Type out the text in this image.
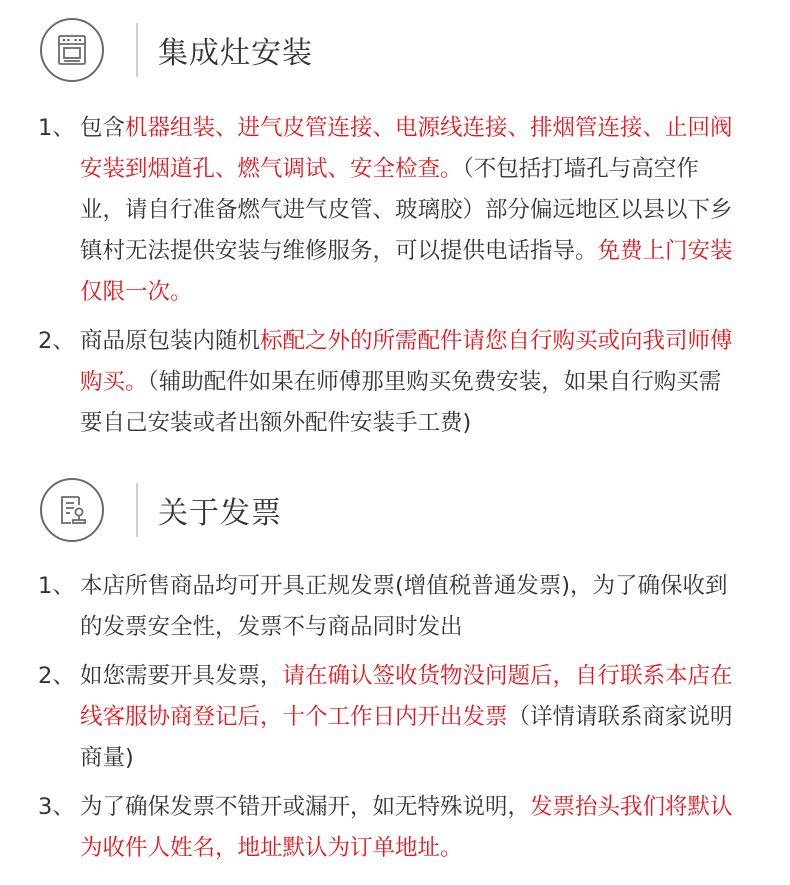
集成灶安装
1、 包含机器组装、进气皮管连接、电源线连接、排烟管连接、止回阀安装到烟道孔、燃气调试、安全检查。（不包括打墙孔与高空作业，请自行准备燃气进气皮管、玻璃胶）部分偏远地区以县以下乡镇村无法提供安装与维修服务，可以提供电话指导。免费上门安装仅限一次。
2、 商品原包装内随机标配之外的所需配件请您自行购买或向我司师傅购买。（辅助配件如果在师傅那里购买免费安装，如果自行购买需要自己安装或者出额外配件安装手工费)
关于发票
1、 本店所售商品均可开具正规发票(增值税普通发票)，为了确保收到的发票安全性，发票不与商品同时发出
2、 如您需要开具发票，请在确认签收货物没问题后，自行联系本店在线客服协商登记后，十个工作日内开出发票（详情请联系商家说明商量)
3、 为了确保发票不错开或漏开，如无特殊说明，发票抬头我们将默认为收件人姓名，地址默认为订单地址。
